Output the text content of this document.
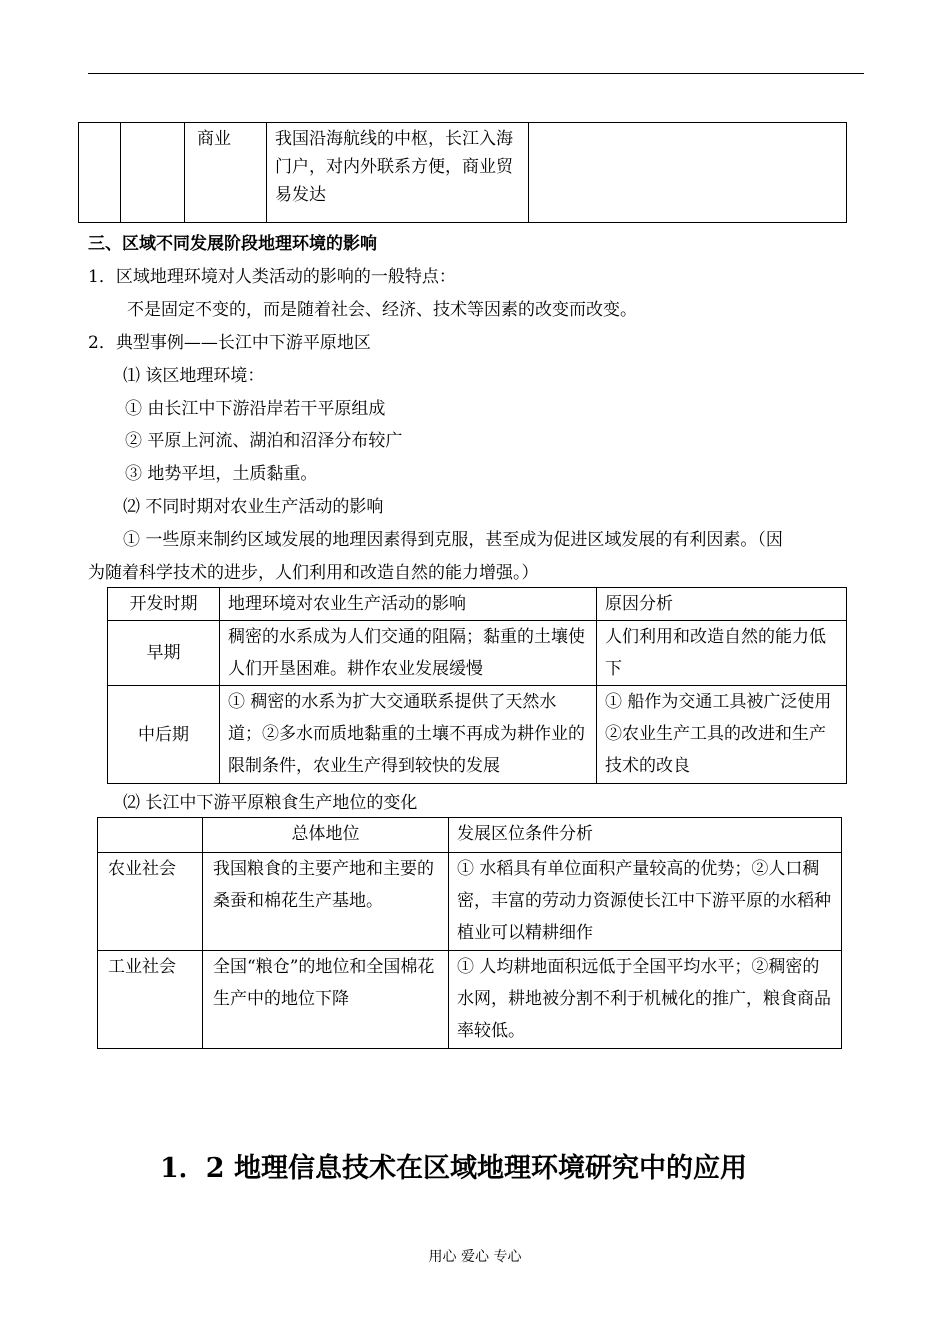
		商业	我国沿海航线的中枢，长江入海门户，对内外联系方便，商业贸易发达	
三、区域不同发展阶段地理环境的影响
1．区域地理环境对人类活动的影响的一般特点：
不是固定不变的，而是随着社会、经济、技术等因素的改变而改变。
2．典型事例——长江中下游平原地区
⑴ 该区地理环境：
① 由长江中下游沿岸若干平原组成
② 平原上河流、湖泊和沼泽分布较广
③ 地势平坦，土质黏重。
⑵ 不同时期对农业生产活动的影响
① 一些原来制约区域发展的地理因素得到克服，甚至成为促进区域发展的有利因素。（因
为随着科学技术的进步，人们利用和改造自然的能力增强。）
开发时期	地理环境对农业生产活动的影响	原因分析
早期	稠密的水系成为人们交通的阻隔；黏重的土壤使人们开垦困难。耕作农业发展缓慢	人们利用和改造自然的能力低下
中后期	① 稠密的水系为扩大交通联系提供了天然水道；②多水而质地黏重的土壤不再成为耕作业的限制条件，农业生产得到较快的发展	① 船作为交通工具被广泛使用②农业生产工具的改进和生产技术的改良
⑵ 长江中下游平原粮食生产地位的变化
	总体地位	发展区位条件分析
农业社会	我国粮食的主要产地和主要的桑蚕和棉花生产基地。	① 水稻具有单位面积产量较高的优势；②人口稠密，丰富的劳动力资源使长江中下游平原的水稻种植业可以精耕细作
工业社会	全国“粮仓”的地位和全国棉花生产中的地位下降	① 人均耕地面积远低于全国平均水平；②稠密的水网，耕地被分割不利于机械化的推广，粮食商品率较低。
1．2 地理信息技术在区域地理环境研究中的应用
用心 爱心 专心
